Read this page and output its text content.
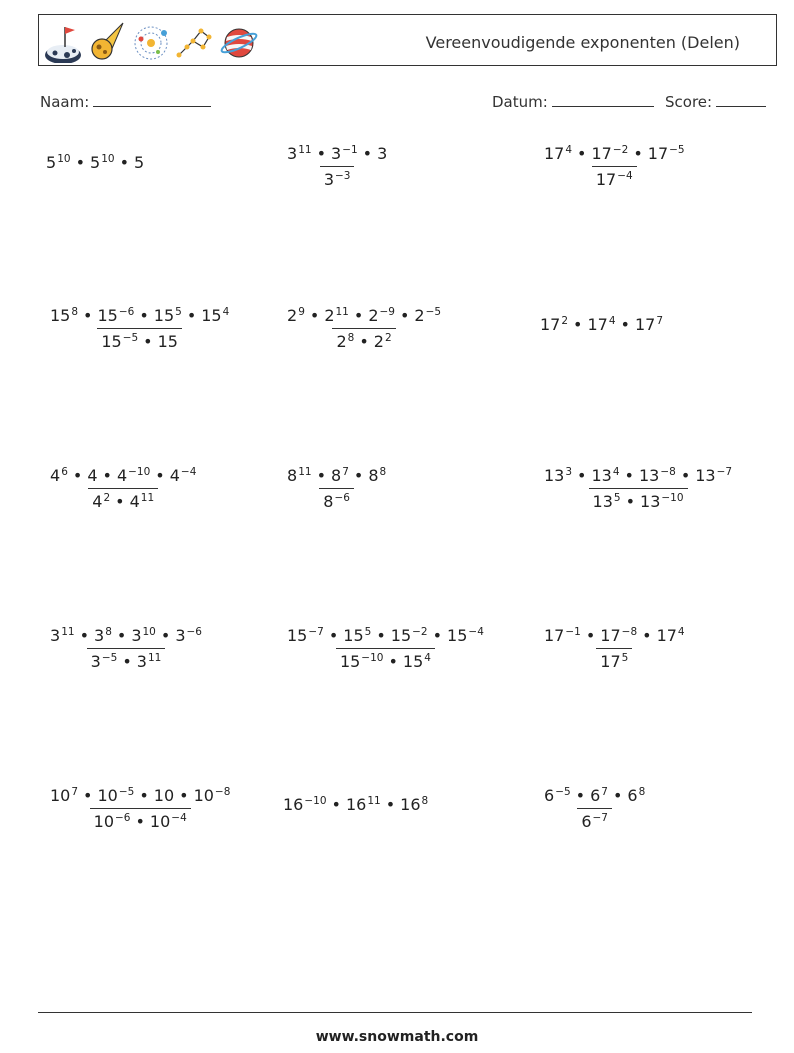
Vereenvoudigende exponenten (Delen)
Naam:	Datum:	Score:
$5^{10}$ • $5^{10}$ • 5	$\frac{3^{11} • 3^{-1} • 3}{3^{-3}}$	$\frac{17^4 • 17^{-2} • 17^{-5}}{17^{-4}}$
$\frac{15^8 • 15^{-6} • 15^5 • 15^4}{15^{-5} • 15}$	$\frac{2^9 • 2^{11} • 2^{-9} • 2^{-5}}{2^8 • 2^2}$	$17^2$ • $17^4$ • $17^7$
$\frac{4^6 • 4 • 4^{-10} • 4^{-4}}{4^2 • 4^{11}}$	$\frac{8^{11} • 8^7 • 8^8}{8^{-6}}$	$\frac{13^3 • 13^4 • 13^{-8} • 13^{-7}}{13^5 • 13^{-10}}$
$\frac{3^{11} • 3^8 • 3^{10} • 3^{-6}}{3^{-5} • 3^{11}}$	$\frac{15^{-7} • 15^5 • 15^{-2} • 15^{-4}}{15^{-10} • 15^4}$	$\frac{17^{-1} • 17^{-8} • 17^4}{17^5}$
$\frac{10^7 • 10^{-5} • 10 • 10^{-8}}{10^{-6} • 10^{-4}}$	$16^{-10}$ • $16^{11}$ • $16^8$	$\frac{6^{-5} • 6^7 • 6^8}{6^{-7}}$
www.snowmath.com
